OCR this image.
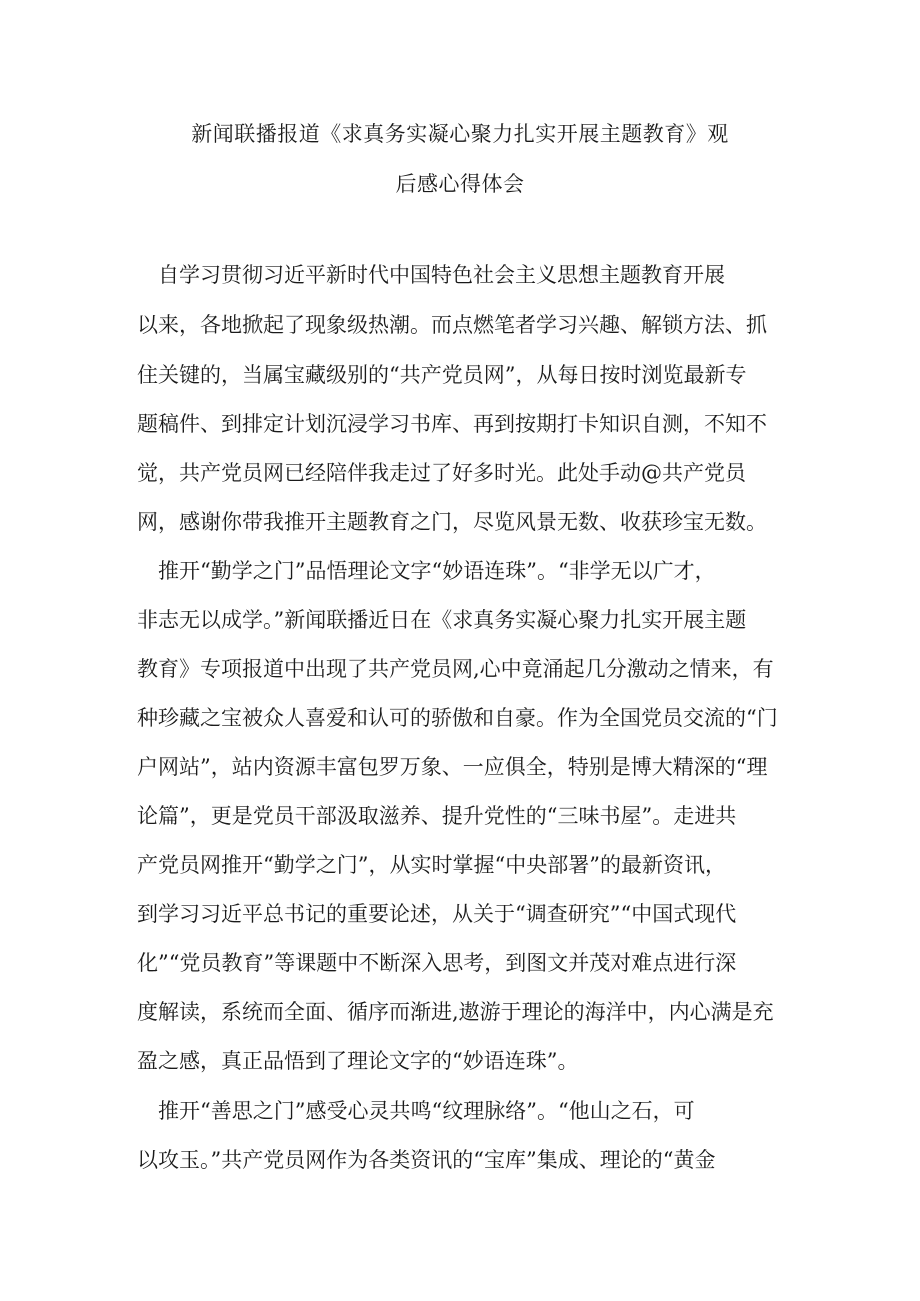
新闻联播报道《求真务实凝心聚力扎实开展主题教育》观
后感心得体会
　自学习贯彻习近平新时代中国特色社会主义思想主题教育开展
以来，各地掀起了现象级热潮。而点燃笔者学习兴趣、解锁方法、抓
住关键的，当属宝藏级别的“共产党员网”，从每日按时浏览最新专
题稿件、到排定计划沉浸学习书库、再到按期打卡知识自测，不知不
觉，共产党员网已经陪伴我走过了好多时光。此处手动@共产党员
网，感谢你带我推开主题教育之门，尽览风景无数、收获珍宝无数。
　推开“勤学之门”品悟理论文字“妙语连珠”。“非学无以广才，
非志无以成学。”新闻联播近日在《求真务实凝心聚力扎实开展主题
教育》专项报道中出现了共产党员网,心中竟涌起几分激动之情来，有
种珍藏之宝被众人喜爱和认可的骄傲和自豪。作为全国党员交流的“门
户网站”，站内资源丰富包罗万象、一应俱全，特别是博大精深的“理
论篇”，更是党员干部汲取滋养、提升党性的“三味书屋”。走进共
产党员网推开“勤学之门”，从实时掌握“中央部署”的最新资讯，
到学习习近平总书记的重要论述，从关于“调查研究”“中国式现代
化”“党员教育”等课题中不断深入思考，到图文并茂对难点进行深
度解读，系统而全面、循序而渐进,遨游于理论的海洋中，内心满是充
盈之感，真正品悟到了理论文字的“妙语连珠”。
　推开“善思之门”感受心灵共鸣“纹理脉络”。“他山之石，可
以攻玉。”共产党员网作为各类资讯的“宝库”集成、理论的“黄金
